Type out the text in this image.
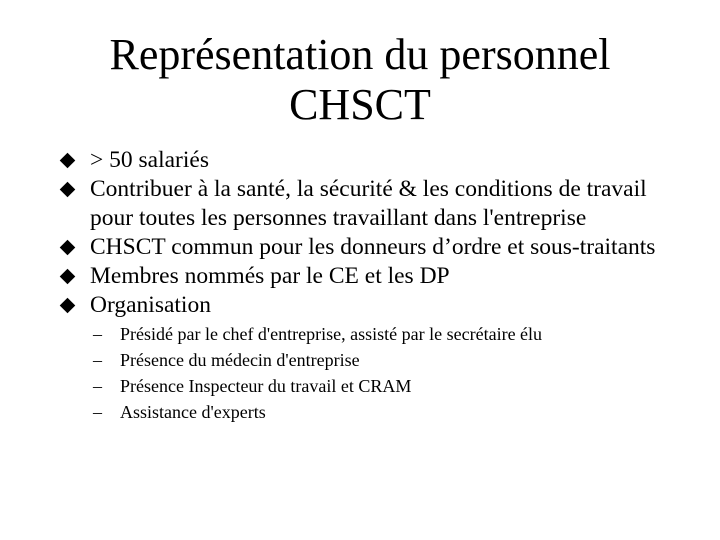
Représentation du personnel
CHSCT
> 50 salariés
Contribuer à la santé, la sécurité & les conditions de travail pour toutes les personnes travaillant dans l'entreprise
CHSCT commun pour les donneurs d’ordre et sous-traitants
Membres nommés par le CE et les DP
Organisation
– Présidé par le chef d'entreprise, assisté par le secrétaire élu
– Présence du médecin d'entreprise
– Présence Inspecteur du travail et CRAM
– Assistance d'experts
